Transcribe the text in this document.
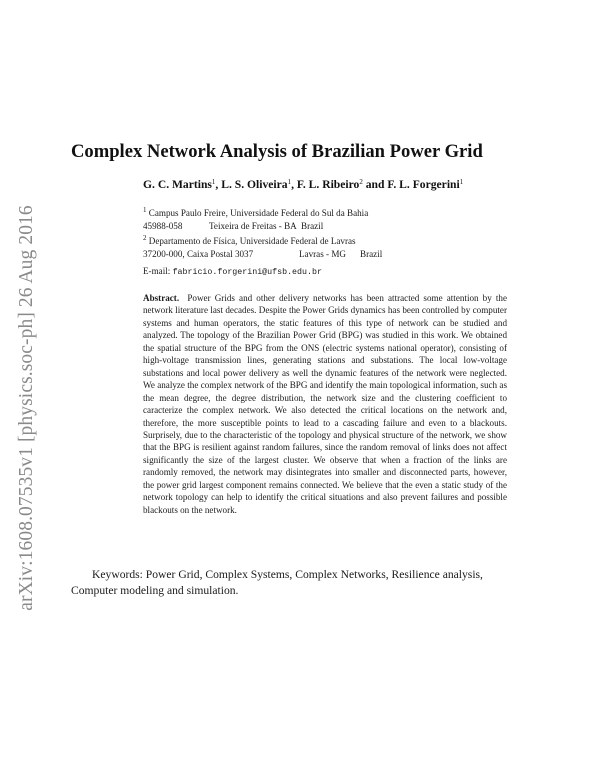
arXiv:1608.07535v1 [physics.soc-ph] 26 Aug 2016
Complex Network Analysis of Brazilian Power Grid
G. C. Martins$^1$, L. S. Oliveira$^1$, F. L. Ribeiro$^2$ and F. L. Forgerini$^1$
$^1$ Campus Paulo Freire, Universidade Federal do Sul da Bahia
45988-058	Teixeira de Freitas - BA Brazil
$^2$ Departamento de Física, Universidade Federal de Lavras
37200-000, Caixa Postal 3037	Lavras - MG Brazil
E-mail: fabricio.forgerini@ufsb.edu.br
Abstract. Power Grids and other delivery networks has been attracted some attention by the network literature last decades. Despite the Power Grids dynamics has been controlled by computer systems and human operators, the static features of this type of network can be studied and analyzed. The topology of the Brazilian Power Grid (BPG) was studied in this work. We obtained the spatial structure of the BPG from the ONS (electric systems national operator), consisting of high-voltage transmission lines, generating stations and substations. The local low-voltage substations and local power delivery as well the dynamic features of the network were neglected. We analyze the complex network of the BPG and identify the main topological information, such as the mean degree, the degree distribution, the network size and the clustering coefficient to caracterize the complex network. We also detected the critical locations on the network and, therefore, the more susceptible points to lead to a cascading failure and even to a blackouts. Surprisely, due to the characteristic of the topology and physical structure of the network, we show that the BPG is resilient against random failures, since the random removal of links does not affect significantly the size of the largest cluster. We observe that when a fraction of the links are randomly removed, the network may disintegrates into smaller and disconnected parts, however, the power grid largest component remains connected. We believe that the even a static study of the network topology can help to identify the critical situations and also prevent failures and possible blackouts on the network.
Keywords: Power Grid, Complex Systems, Complex Networks, Resilience analysis, Computer modeling and simulation.
